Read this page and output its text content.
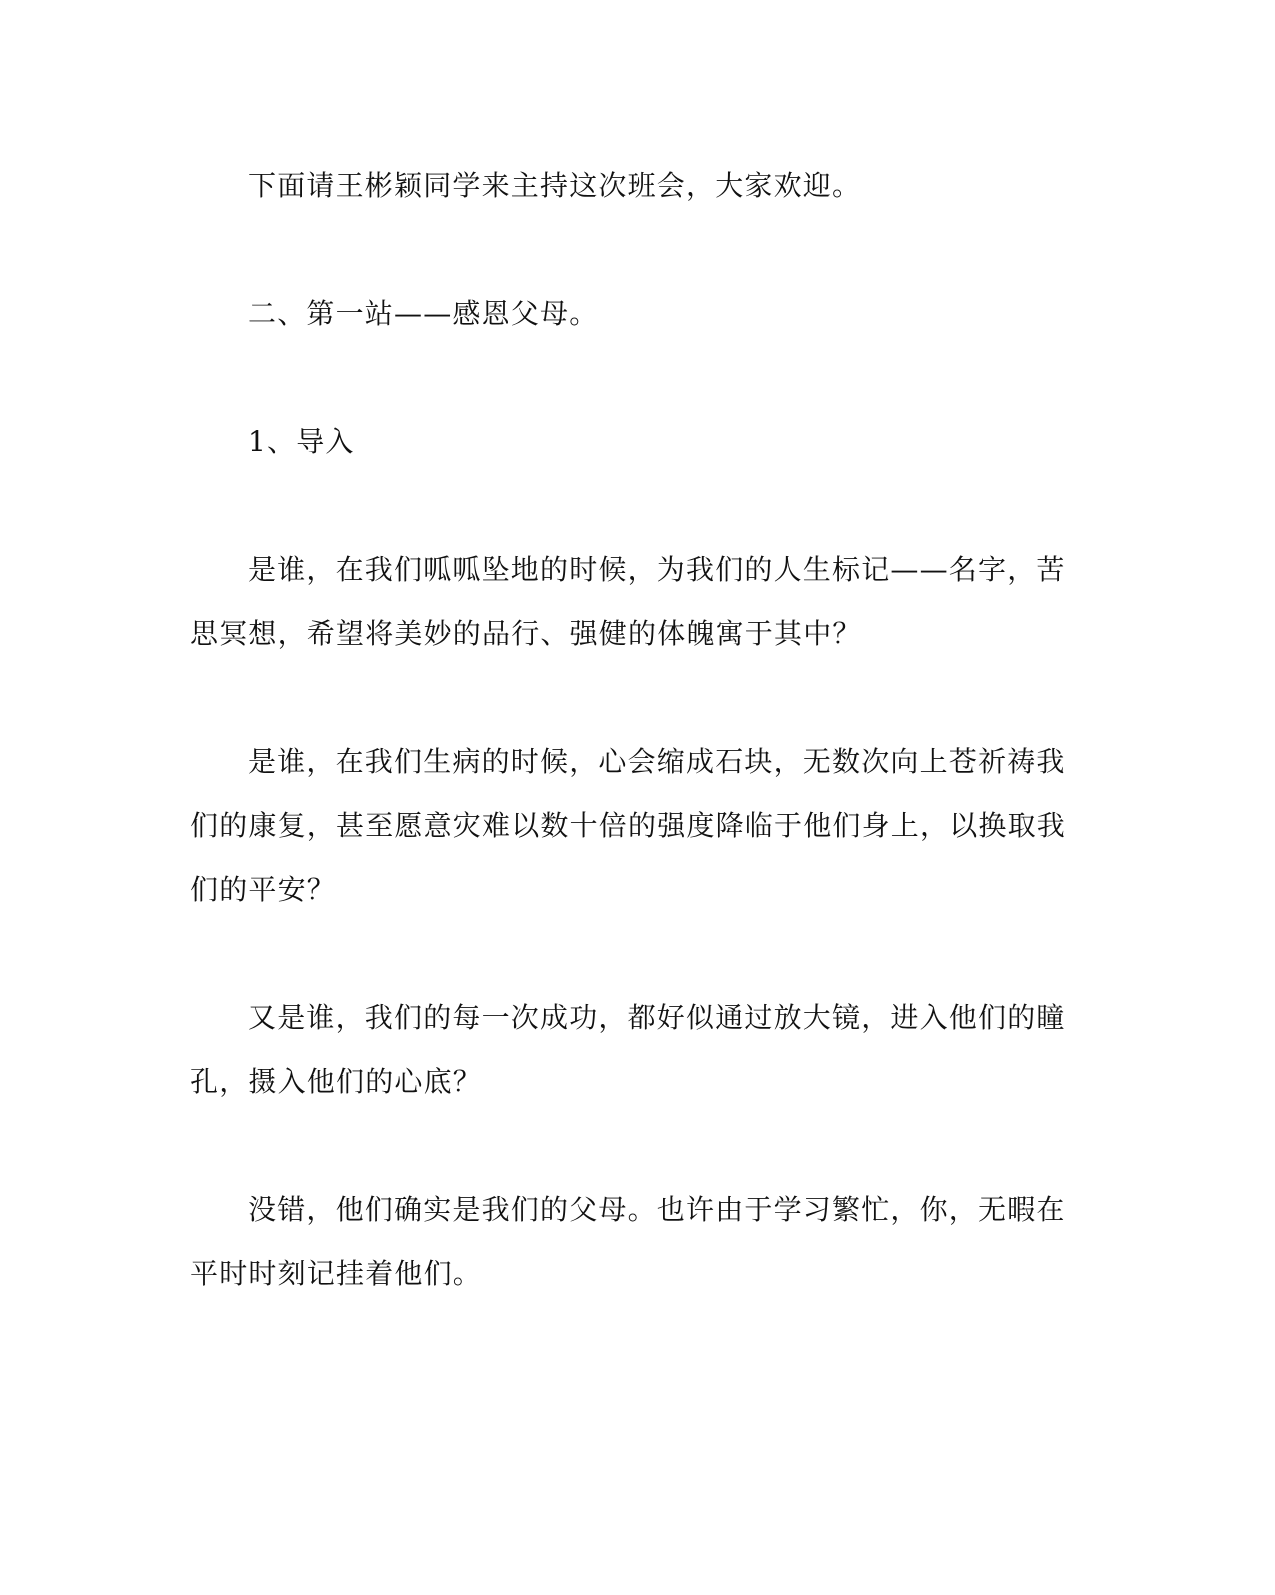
下面请王彬颖同学来主持这次班会，大家欢迎。
二、第一站——感恩父母。
1、导入
是谁，在我们呱呱坠地的时候，为我们的人生标记——名字，苦
思冥想，希望将美妙的品行、强健的体魄寓于其中？
是谁，在我们生病的时候，心会缩成石块，无数次向上苍祈祷我
们的康复，甚至愿意灾难以数十倍的强度降临于他们身上，以换取我
们的平安？
又是谁，我们的每一次成功，都好似通过放大镜，进入他们的瞳
孔，摄入他们的心底？
没错，他们确实是我们的父母。也许由于学习繁忙，你，无暇在
平时时刻记挂着他们。
